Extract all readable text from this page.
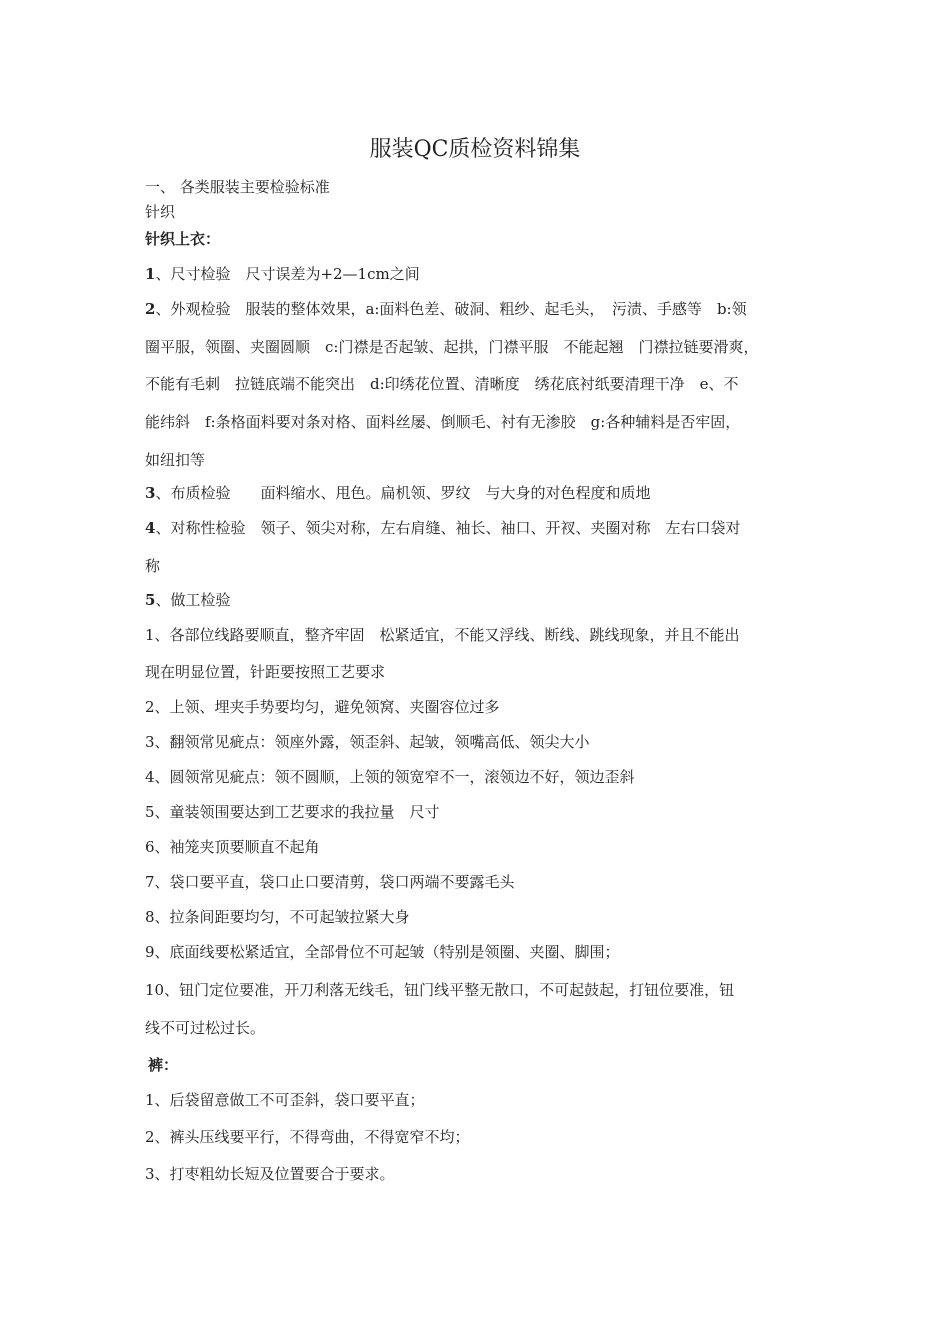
服装QC质检资料锦集
一、 各类服装主要检验标准
针织
针织上衣：
1、尺寸检验　尺寸误差为+2—1cm之间
2、外观检验　服装的整体效果，a:面料色差、破洞、粗纱、起毛头，　污渍、手感等　b:领
圈平服，领圈、夹圈圆顺　c:门襟是否起皱、起拱，门襟平服　不能起翘　门襟拉链要滑爽，
不能有毛刺　拉链底端不能突出　d:印绣花位置、清晰度　绣花底衬纸要清理干净　e、不
能纬斜　f:条格面料要对条对格、面料丝屡、倒顺毛、衬有无渗胶　g:各种辅料是否牢固，
如纽扣等
3、布质检验　　面料缩水、甩色。扁机领、罗纹　与大身的对色程度和质地
4、对称性检验　领子、领尖对称，左右肩缝、袖长、袖口、开衩、夹圈对称　左右口袋对
称
5、做工检验
1、各部位线路要顺直，整齐牢固　松紧适宜，不能又浮线、断线、跳线现象，并且不能出
现在明显位置，针距要按照工艺要求
2、上领、埋夹手势要均匀，避免领窝、夹圈容位过多
3、翻领常见疵点：领座外露，领歪斜、起皱，领嘴高低、领尖大小
4、圆领常见疵点：领不圆顺，上领的领宽窄不一，滚领边不好，领边歪斜
5、童装领围要达到工艺要求的我拉量　尺寸
6、袖笼夹顶要顺直不起角
7、袋口要平直，袋口止口要清剪，袋口两端不要露毛头
8、拉条间距要均匀，不可起皱拉紧大身
9、底面线要松紧适宜，全部骨位不可起皱（特别是领圈、夹圈、脚围；
10、钮门定位要准，开刀利落无线毛，钮门线平整无散口，不可起鼓起，打钮位要准，钮
线不可过松过长。
裤：
1、后袋留意做工不可歪斜，袋口要平直；
2、裤头压线要平行，不得弯曲，不得宽窄不均；
3、打枣粗幼长短及位置要合于要求。
